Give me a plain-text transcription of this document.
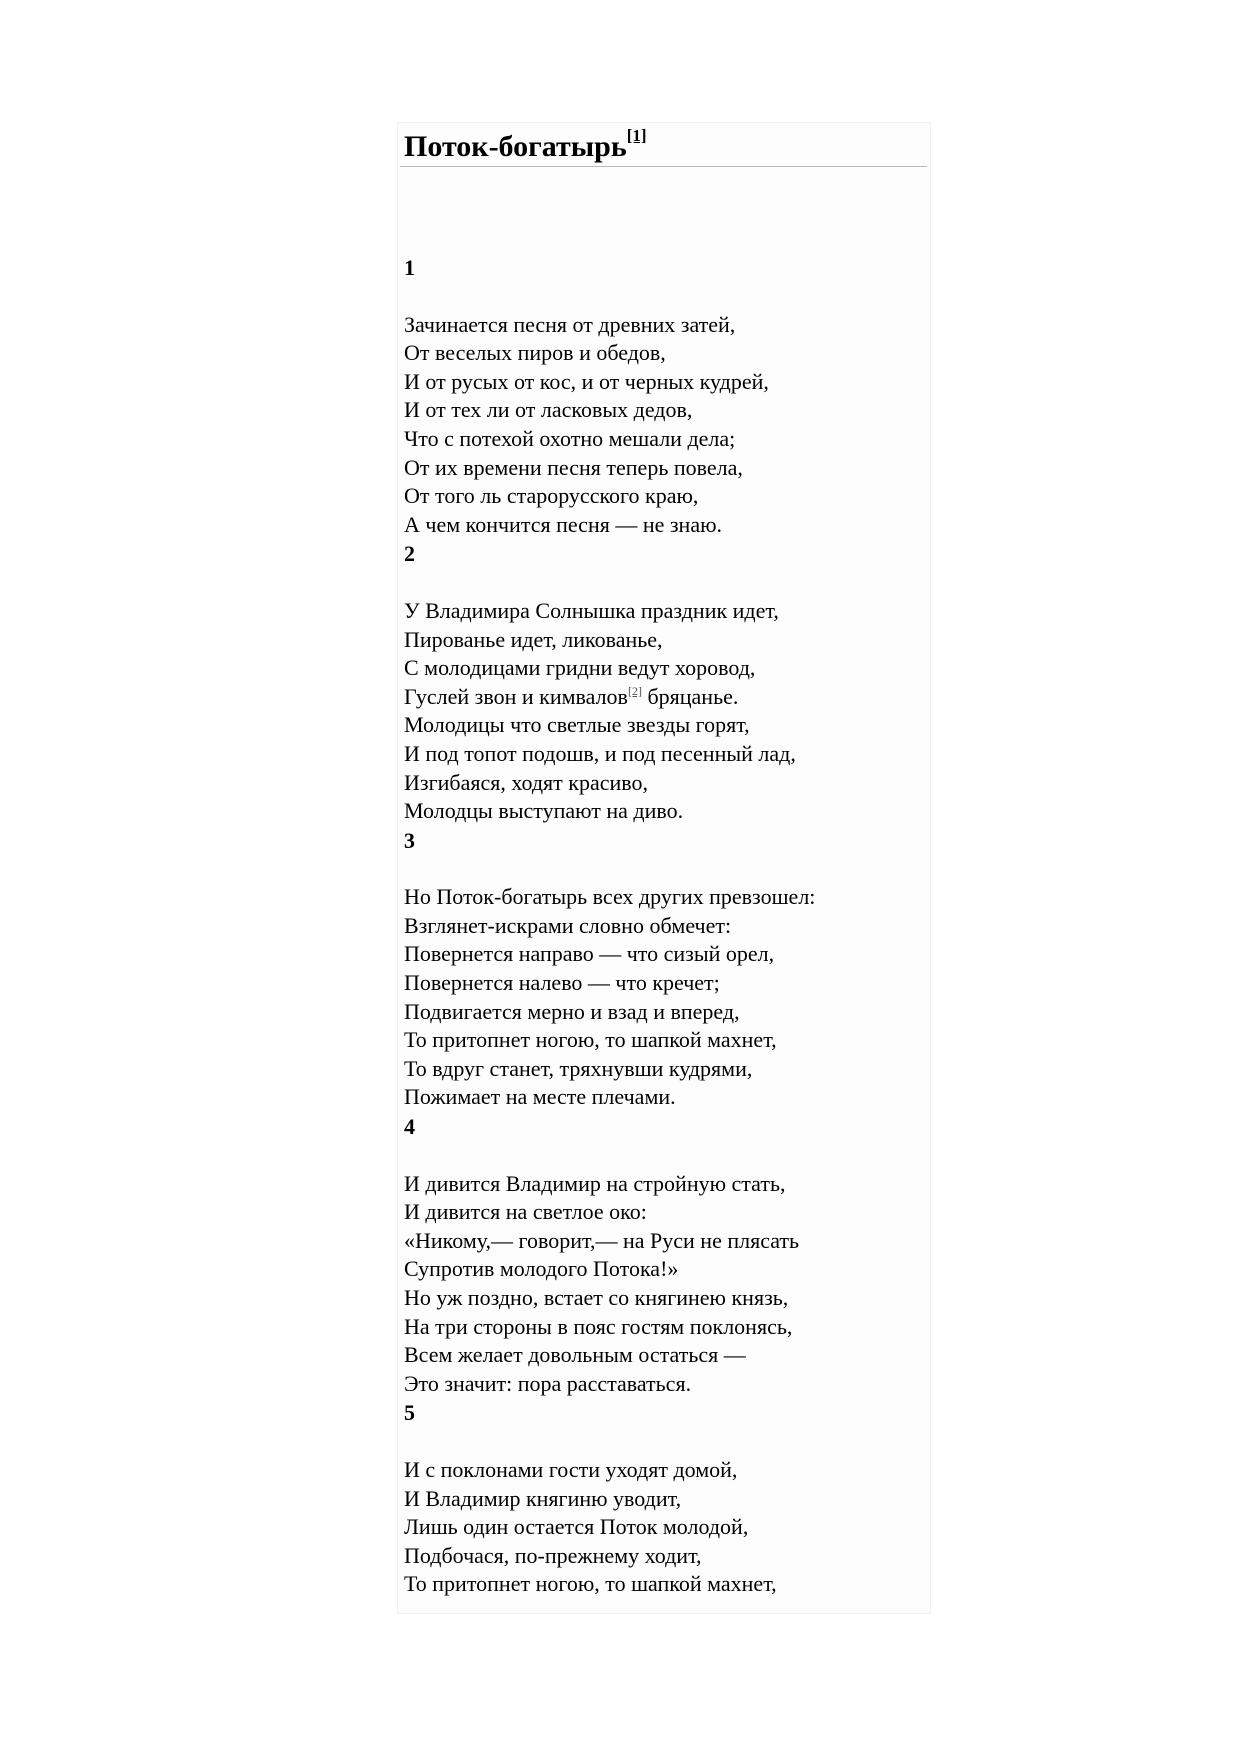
Поток-богатырь[1]
1
Зачинается песня от древних затей,
От веселых пиров и обедов,
И от русых от кос, и от черных кудрей,
И от тех ли от ласковых дедов,
Что с потехой охотно мешали дела;
От их времени песня теперь повела,
От того ль старорусского краю,
А чем кончится песня — не знаю.
2
У Владимира Солнышка праздник идет,
Пированье идет, ликованье,
С молодицами гридни ведут хоровод,
Гуслей звон и кимвалов[2] бряцанье.
Молодицы что светлые звезды горят,
И под топот подошв, и под песенный лад,
Изгибаяся, ходят красиво,
Молодцы выступают на диво.
3
Но Поток-богатырь всех других превзошел:
Взглянет-искрами словно обмечет:
Повернется направо — что сизый орел,
Повернется налево — что кречет;
Подвигается мерно и взад и вперед,
То притопнет ногою, то шапкой махнет,
То вдруг станет, тряхнувши кудрями,
Пожимает на месте плечами.
4
И дивится Владимир на стройную стать,
И дивится на светлое око:
«Никому,— говорит,— на Руси не плясать
Супротив молодого Потока!»
Но уж поздно, встает со княгинею князь,
На три стороны в пояс гостям поклонясь,
Всем желает довольным остаться —
Это значит: пора расставаться.
5
И с поклонами гости уходят домой,
И Владимир княгиню уводит,
Лишь один остается Поток молодой,
Подбочася, по-прежнему ходит,
То притопнет ногою, то шапкой махнет,
